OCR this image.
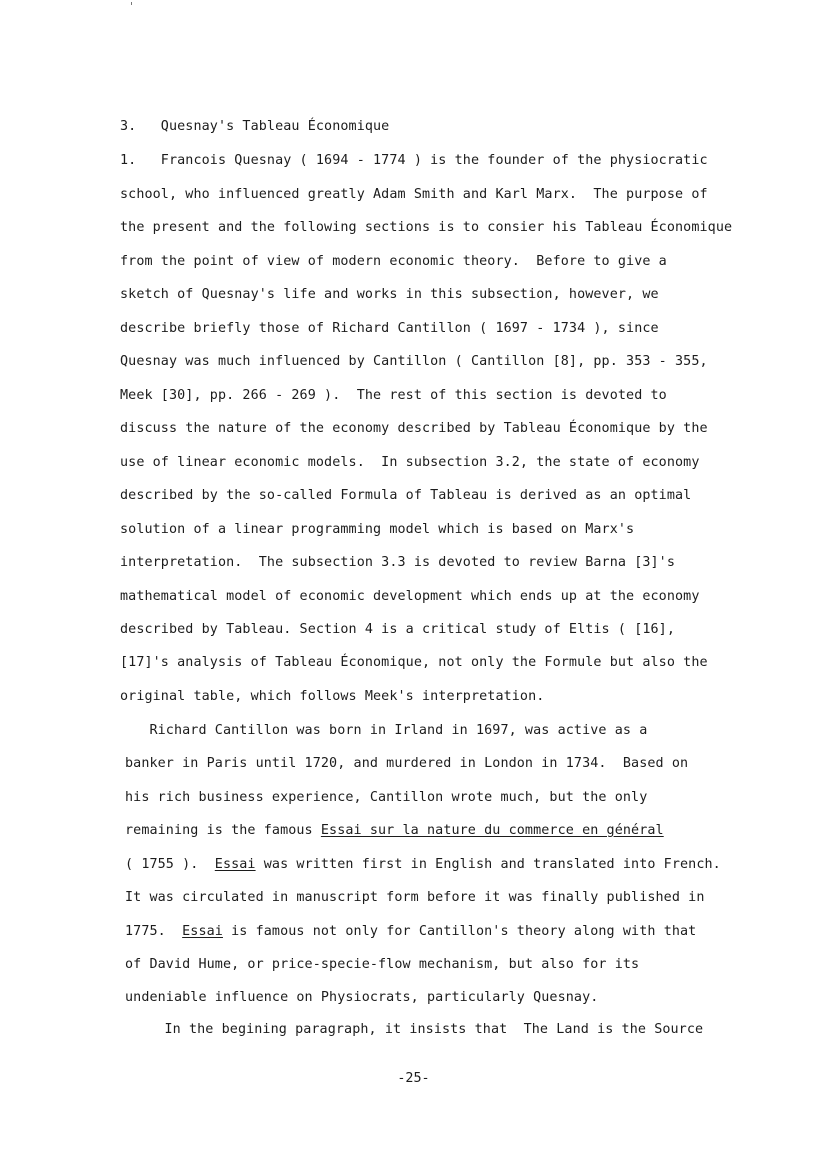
3.   Quesnay's Tableau Économique
1.   Francois Quesnay ( 1694 - 1774 ) is the founder of the physiocratic
school, who influenced greatly Adam Smith and Karl Marx.  The purpose of
the present and the following sections is to consier his Tableau Économique
from the point of view of modern economic theory.  Before to give a
sketch of Quesnay's life and works in this subsection, however, we
describe briefly those of Richard Cantillon ( 1697 - 1734 ), since
Quesnay was much influenced by Cantillon ( Cantillon [8], pp. 353 - 355,
Meek [30], pp. 266 - 269 ).  The rest of this section is devoted to
discuss the nature of the economy described by Tableau Économique by the
use of linear economic models.  In subsection 3.2, the state of economy
described by the so-called Formula of Tableau is derived as an optimal
solution of a linear programming model which is based on Marx's
interpretation.  The subsection 3.3 is devoted to review Barna [3]'s
mathematical model of economic development which ends up at the economy
described by Tableau. Section 4 is a critical study of Eltis ( [16],
[17]'s analysis of Tableau Économique, not only the Formule but also the
original table, which follows Meek's interpretation.
Richard Cantillon was born in Irland in 1697, was active as a
banker in Paris until 1720, and murdered in London in 1734.  Based on
his rich business experience, Cantillon wrote much, but the only
remaining is the famous Essai sur la nature du commerce en général
( 1755 ).  Essai was written first in English and translated into French.
It was circulated in manuscript form before it was finally published in
1775.  Essai is famous not only for Cantillon's theory along with that
of David Hume, or price-specie-flow mechanism, but also for its
undeniable influence on Physiocrats, particularly Quesnay.
In the begining paragraph, it insists that  The Land is the Source
-25-
